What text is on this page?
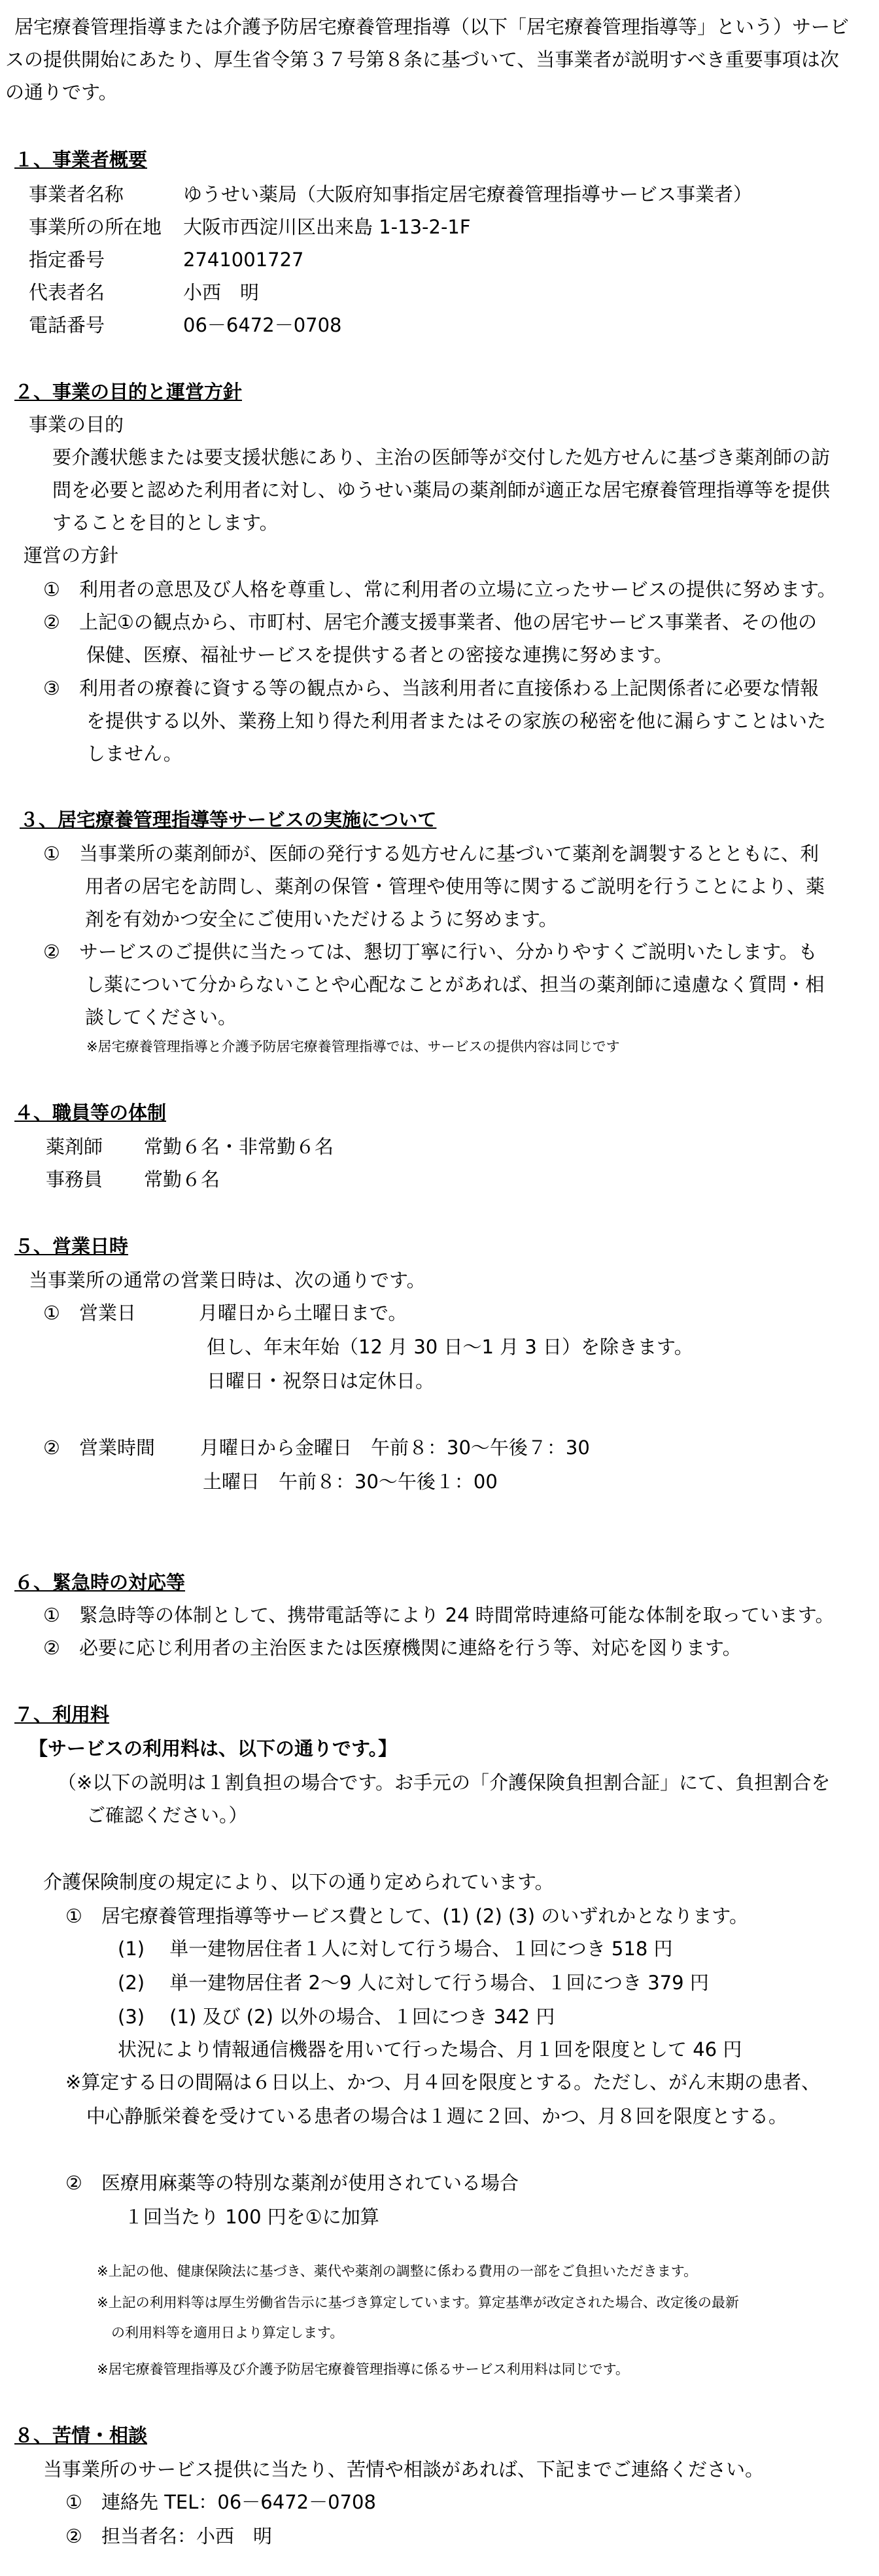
居宅療養管理指導または介護予防居宅療養管理指導（以下「居宅療養管理指導等」という）サービ
スの提供開始にあたり、厚生省令第３７号第８条に基づいて、当事業者が説明すべき重要事項は次
の通りです。
１、事業者概要
事業者名称	ゆうせい薬局（大阪府知事指定居宅療養管理指導サービス事業者）
事業所の所在地 大阪市西淀川区出来島 1-13-2-1F
指定番号	2741001727
代表者名	小西　明
電話番号	06－6472－0708
２、事業の目的と運営方針
事業の目的
要介護状態または要支援状態にあり、主治の医師等が交付した処方せんに基づき薬剤師の訪
問を必要と認めた利用者に対し、ゆうせい薬局の薬剤師が適正な居宅療養管理指導等を提供
することを目的とします。
運営の方針
①　利用者の意思及び人格を尊重し、常に利用者の立場に立ったサービスの提供に努めます。
②　上記①の観点から、市町村、居宅介護支援事業者、他の居宅サービス事業者、その他の
保健、医療、福祉サービスを提供する者との密接な連携に努めます。
③　利用者の療養に資する等の観点から、当該利用者に直接係わる上記関係者に必要な情報
を提供する以外、業務上知り得た利用者またはその家族の秘密を他に漏らすことはいた
しません。
３、居宅療養管理指導等サービスの実施について
①　当事業所の薬剤師が、医師の発行する処方せんに基づいて薬剤を調製するとともに、利
用者の居宅を訪問し、薬剤の保管・管理や使用等に関するご説明を行うことにより、薬
剤を有効かつ安全にご使用いただけるように努めます。
②　サービスのご提供に当たっては、懇切丁寧に行い、分かりやすくご説明いたします。も
し薬について分からないことや心配なことがあれば、担当の薬剤師に遠慮なく質問・相
談してください。
※居宅療養管理指導と介護予防居宅療養管理指導では、サービスの提供内容は同じです
４、職員等の体制
薬剤師 常勤６名・非常勤６名
事務員 常勤６名
５、営業日時
当事業所の通常の営業日時は、次の通りです。
①　営業日	月曜日から土曜日まで。
但し、年末年始（12 月 30 日～1 月 3 日）を除きます。
日曜日・祝祭日は定休日。
②　営業時間 月曜日から金曜日　午前８：30～午後７：30
土曜日　午前８：30～午後１：00
６、緊急時の対応等
①　緊急時等の体制として、携帯電話等により 24 時間常時連絡可能な体制を取っています。
②　必要に応じ利用者の主治医または医療機関に連絡を行う等、対応を図ります。
７、利用料
【サービスの利用料は、以下の通りです。】
（※以下の説明は１割負担の場合です。お手元の「介護保険負担割合証」にて、負担割合を
ご確認ください。）
介護保険制度の規定により、以下の通り定められています。
①　居宅療養管理指導等サービス費として、(1) (2) (3) のいずれかとなります。
(1)　 単一建物居住者１人に対して行う場合、１回につき 518 円
(2)　 単一建物居住者 2～9 人に対して行う場合、１回につき 379 円
(3)　 (1) 及び (2) 以外の場合、１回につき 342 円
状況により情報通信機器を用いて行った場合、月１回を限度として 46 円
※算定する日の間隔は６日以上、かつ、月４回を限度とする。ただし、がん末期の患者、
中心静脈栄養を受けている患者の場合は１週に２回、かつ、月８回を限度とする。
②　医療用麻薬等の特別な薬剤が使用されている場合
１回当たり 100 円を①に加算
※上記の他、健康保険法に基づき、薬代や薬剤の調整に係わる費用の一部をご負担いただきます。
※上記の利用料等は厚生労働省告示に基づき算定しています。算定基準が改定された場合、改定後の最新
の利用料等を適用日より算定します。
※居宅療養管理指導及び介護予防居宅療養管理指導に係るサービス利用料は同じです。
８、苦情・相談
当事業所のサービス提供に当たり、苦情や相談があれば、下記までご連絡ください。
①　連絡先 TEL：06－6472－0708
②　担当者名：小西　明
